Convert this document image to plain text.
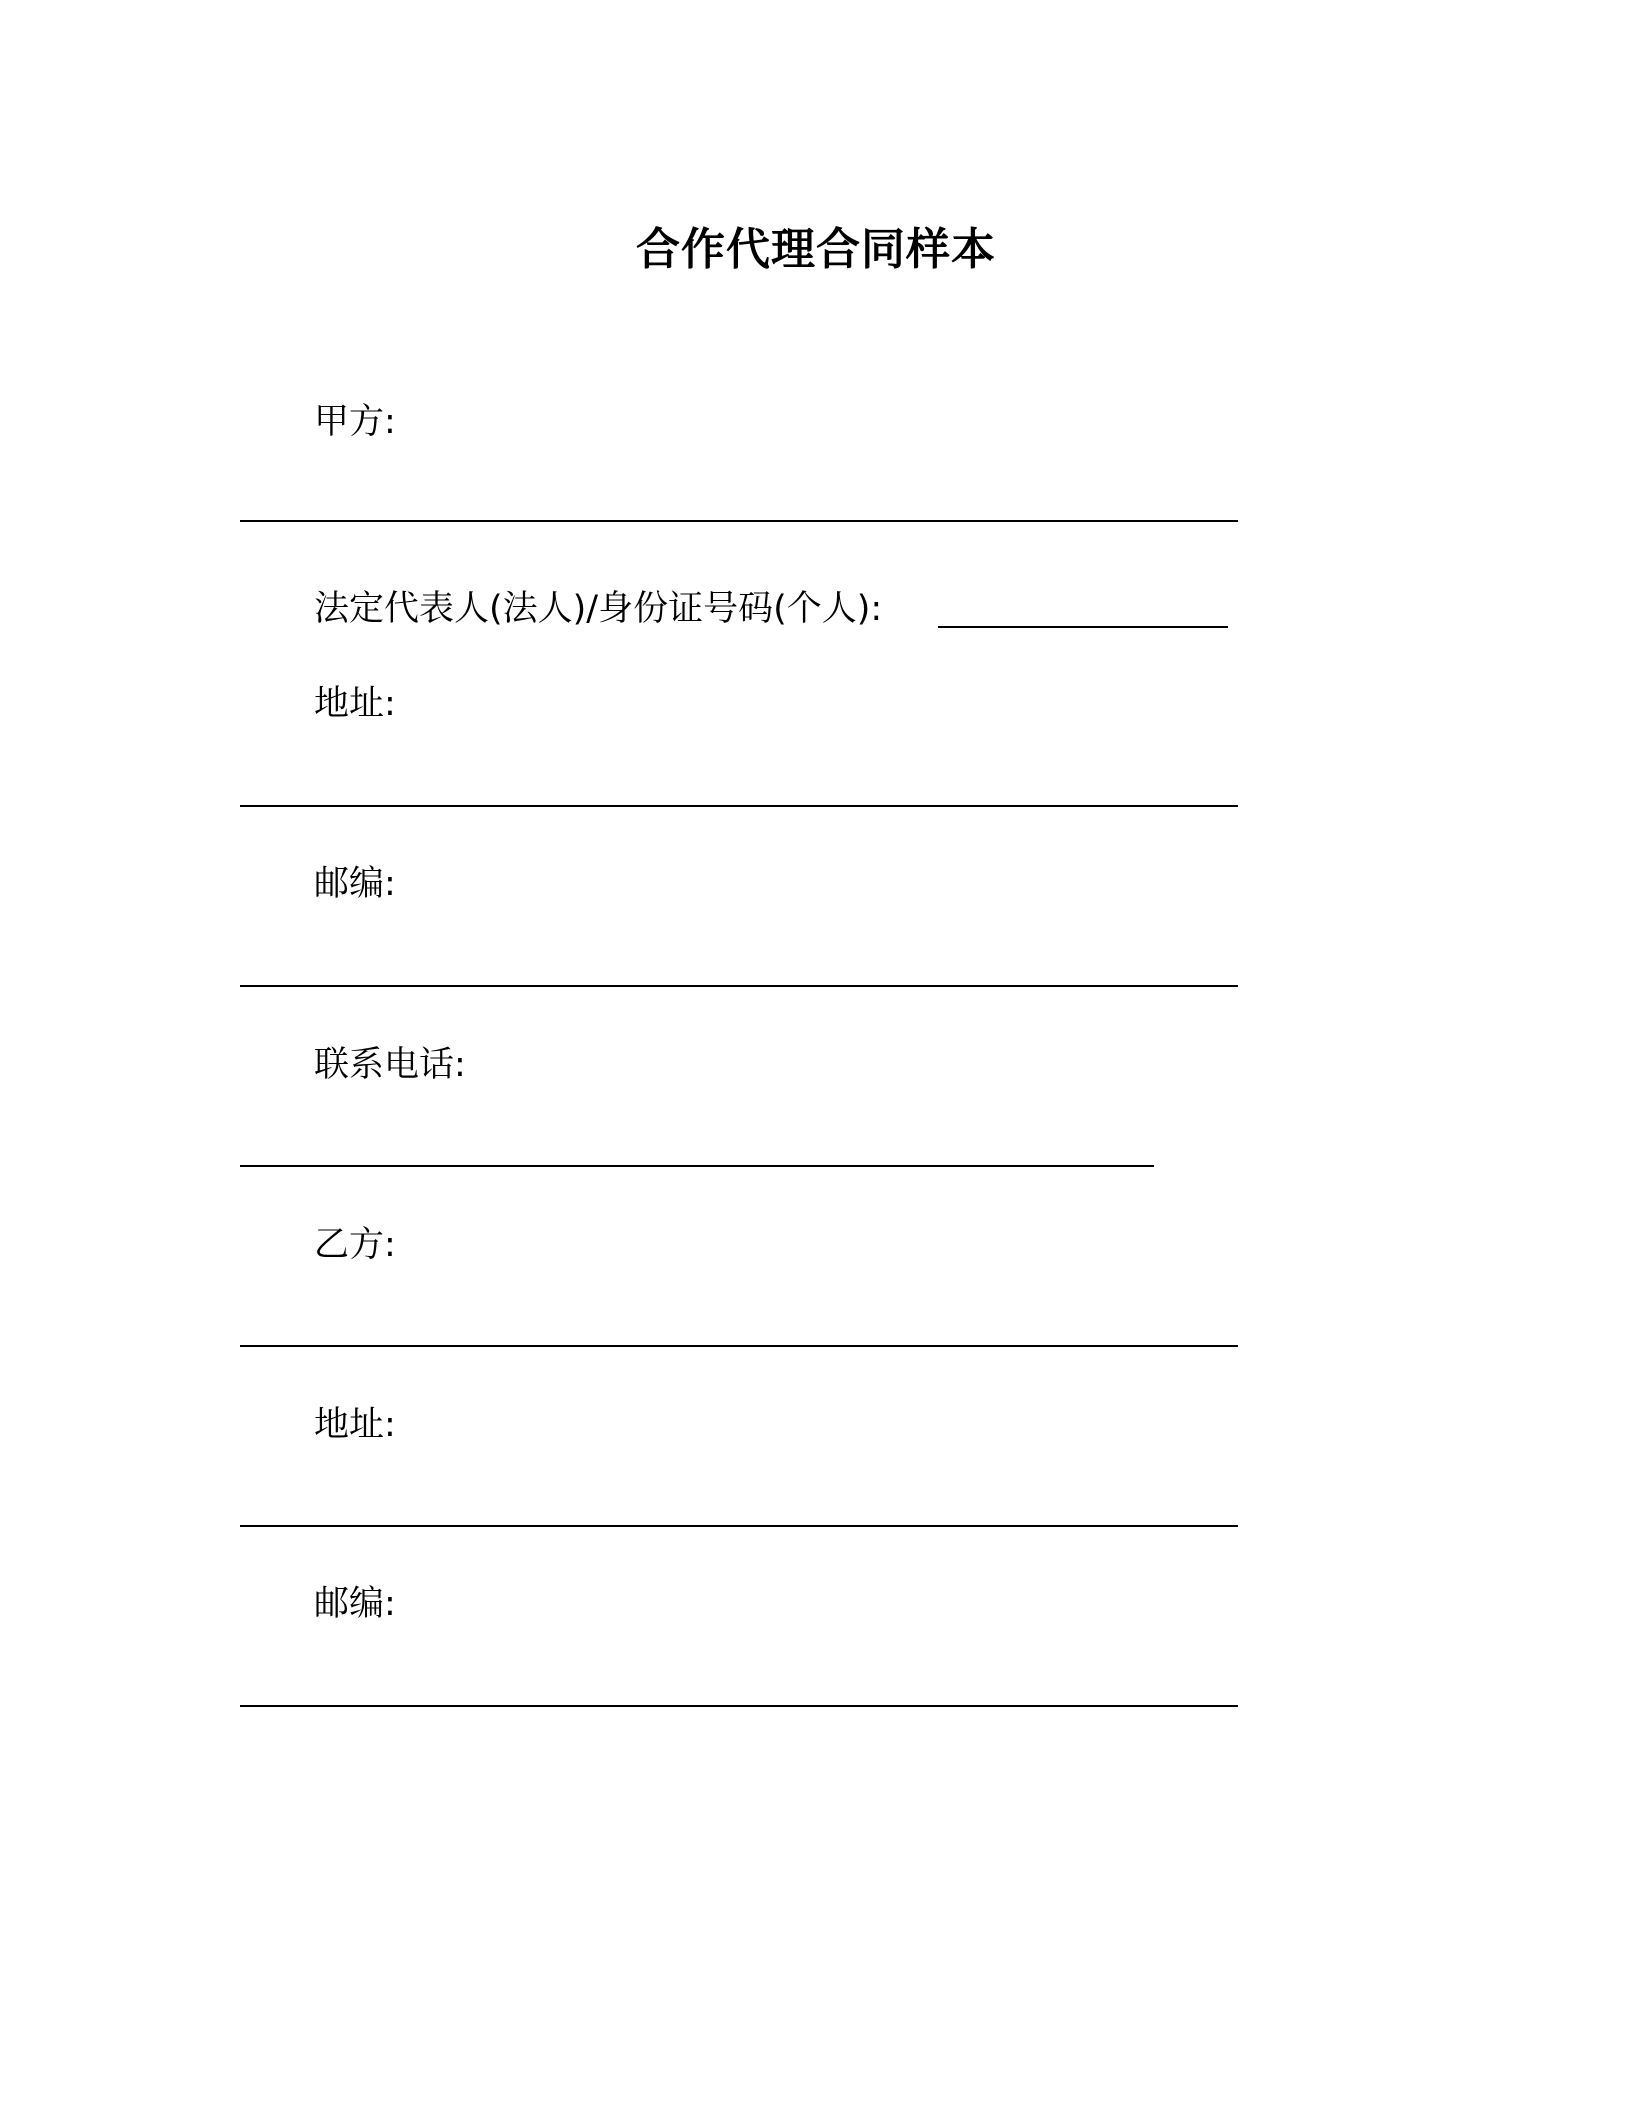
合作代理合同样本
甲方:
法定代表人(法人)/身份证号码(个人):
地址:
邮编:
联系电话:
乙方:
地址:
邮编:
